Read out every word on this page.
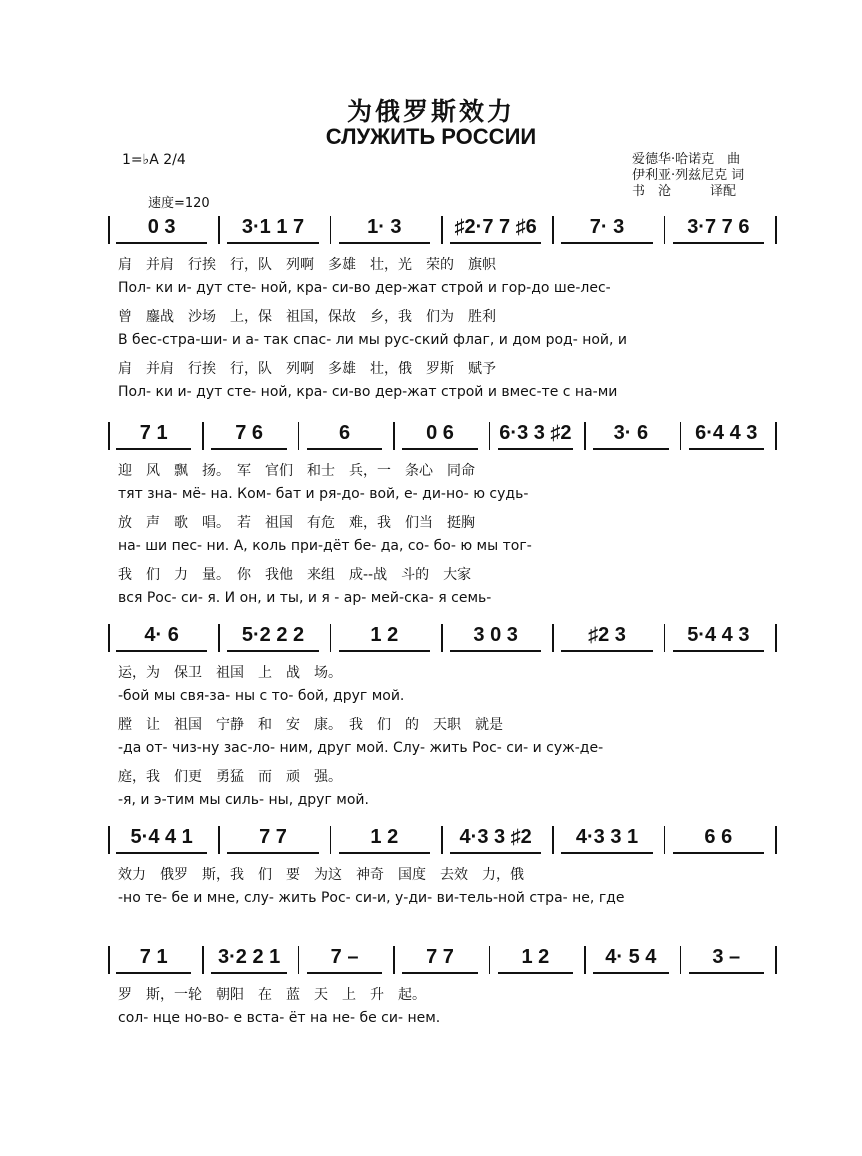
为俄罗斯效力
СЛУЖИТЬ РОССИИ
爱德华·哈诺克　曲
伊利亚·列兹尼克 词
书　沧　　　译配
1=♭A 2/4
速度=120
0 3	3·1 1 7	1· 3	♯2·7 7 ♯6	7· 3	3·7 7 6
肩　并肩　行挨　行，队　列啊　多雄　壮，光　荣的　旗帜
Пол- ки и- дут сте- ной, кра- си-во дер-жат строй и гор-до ше-лес-
曾　鏖战　沙场　上，保　祖国，保故　乡，我　们为　胜利
В бес-стра-ши- и а- так спас- ли мы рус-ский флаг, и дом род- ной, и
肩　并肩　行挨　行，队　列啊　多雄　壮，俄　罗斯　赋予
Пол- ки и- дут сте- ной, кра- си-во дер-жат строй и вмес-те с на-ми
7 1	7 6	6	0 6	6·3 3 ♯2	3· 6	6·4 4 3
迎　风　飘　扬。　军　官们　和士　兵，一　条心　同命
тят зна- мё- на. Ком- бат и ря-до- вой, е- ди-но- ю судь-
放　声　歌　唱。　若　祖国　有危　难，我　们当　挺胸
на- ши пес- ни. А, коль при-дёт бе- да, со- бо- ю мы тог-
我　们　力　量。　你　我他　来组　成--战　斗的　大家
вся Рос- си- я. И он, и ты, и я - ар- мей-ска- я семь-
4· 6	5·2 2 2	1 2	3 0 3	♯2 3	5·4 4 3
运，为　保卫　祖国　上　战　场。
-бой мы свя-за- ны с то- бой, друг мой.
膛　让　祖国　宁静　和　安　康。　我　们　的　天职　就是
-да от- чиз-ну зас-ло- ним, друг мой. Слу- жить Рос- си- и суж-де-
庭，我　们更　勇猛　而　顽　强。
-я, и э-тим мы силь- ны, друг мой.
5·4 4 1	7 7	1 2	4·3 3 ♯2	4·3 3 1	6 6
效力　俄罗　斯，我　们　要　为这　神奇　国度　去效　力，俄
-но те- бе и мне, слу- жить Рос- си-и, у-ди- ви-тель-ной стра- не, где
7 1	3·2 2 1	7 –	7 7	1 2	4· 5 4	3 –
罗　斯，一轮　朝阳　在　蓝　天　上　升　起。
сол- нце но-во- е вста- ёт на не- бе си- нем.
